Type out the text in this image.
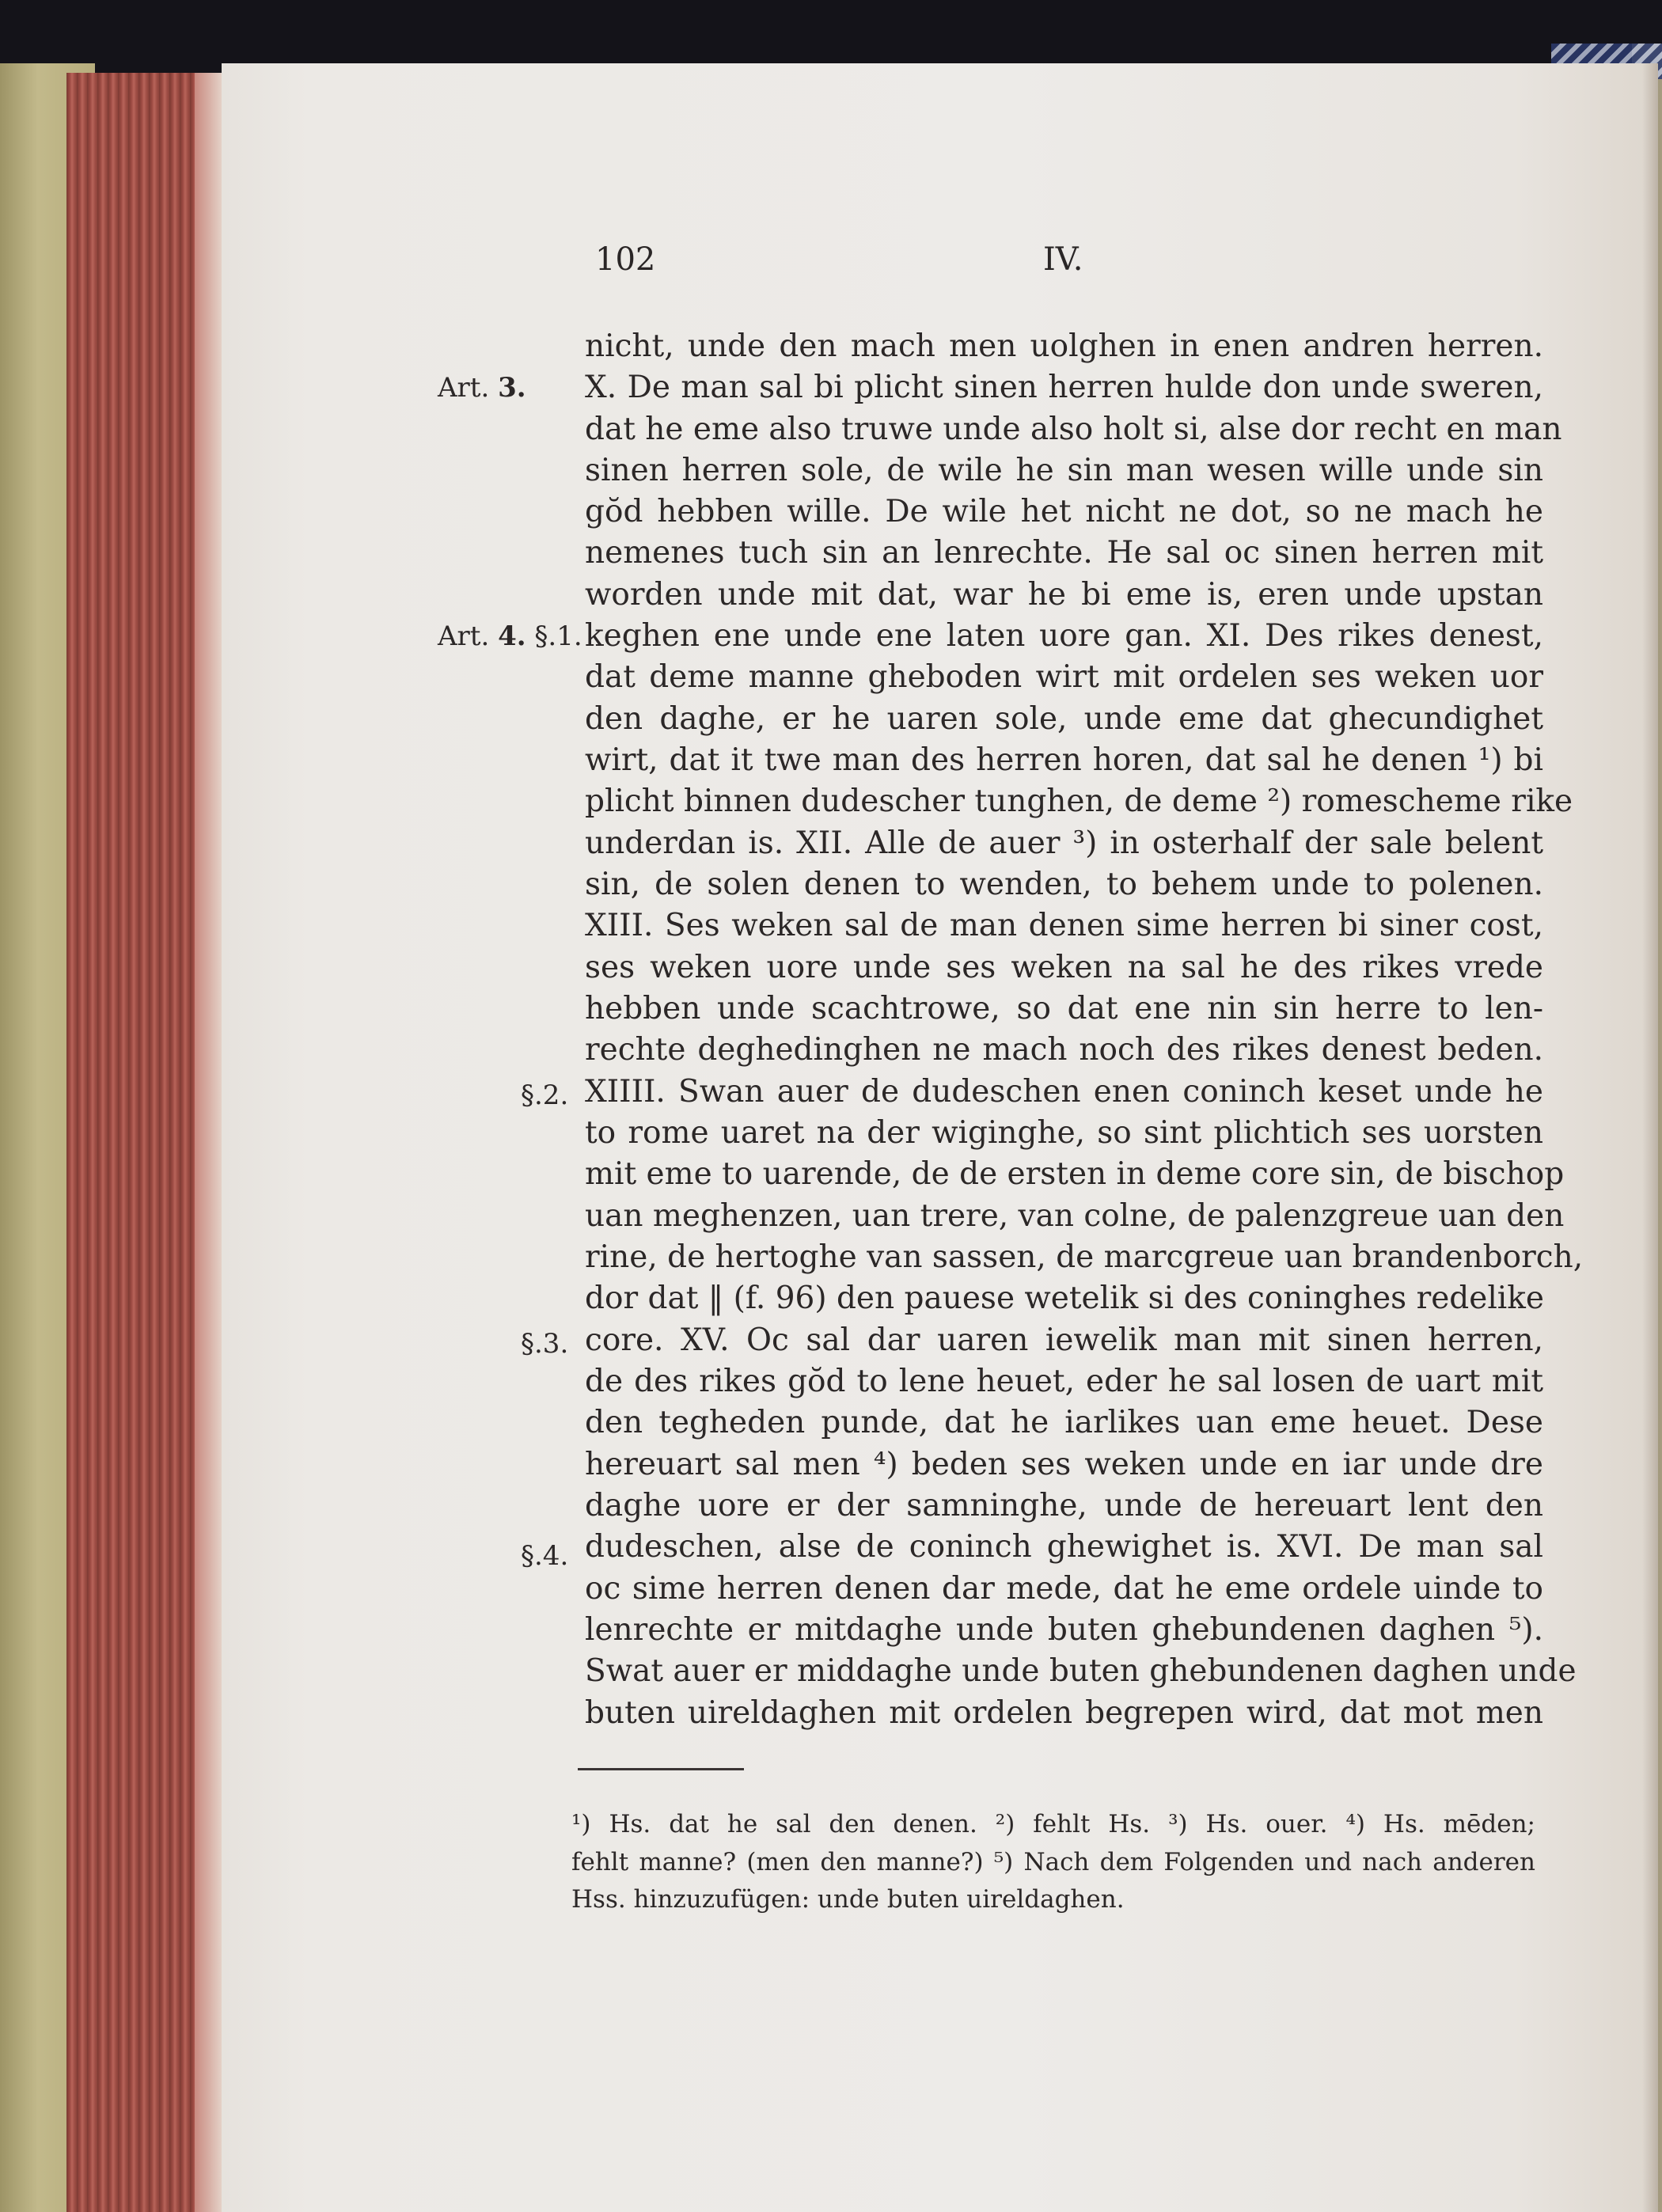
102	IV.
Art. 3.
Art. 4. §.1.
§.2.
§.3.
§.4.
nicht, unde den mach men uolghen in enen andren herren.
X. De man sal bi plicht sinen herren hulde don unde sweren,
dat he eme also truwe unde also holt si, alse dor recht en man
sinen herren sole, de wile he sin man wesen wille unde sin
gŏd hebben wille. De wile het nicht ne dot, so ne mach he
nemenes tuch sin an lenrechte. He sal oc sinen herren mit
worden unde mit dat, war he bi eme is, eren unde upstan
keghen ene unde ene laten uore gan. XI. Des rikes denest,
dat deme manne gheboden wirt mit ordelen ses weken uor
den daghe, er he uaren sole, unde eme dat ghecundighet
wirt, dat it twe man des herren horen, dat sal he denen ¹) bi
plicht binnen dudescher tunghen, de deme ²) romescheme rike
underdan is. XII. Alle de auer ³) in osterhalf der sale belent
sin, de solen denen to wenden, to behem unde to polenen.
XIII. Ses weken sal de man denen sime herren bi siner cost,
ses weken uore unde ses weken na sal he des rikes vrede
hebben unde scachtrowe, so dat ene nin sin herre to len-
rechte deghedinghen ne mach noch des rikes denest beden.
XIIII. Swan auer de dudeschen enen coninch keset unde he
to rome uaret na der wiginghe, so sint plichtich ses uorsten
mit eme to uarende, de de ersten in deme core sin, de bischop
uan meghenzen, uan trere, van colne, de palenzgreue uan den
rine, de hertoghe van sassen, de marcgreue uan brandenborch,
dor dat ‖ (f. 96) den pauese wetelik si des coninghes redelike
core. XV. Oc sal dar uaren iewelik man mit sinen herren,
de des rikes gŏd to lene heuet, eder he sal losen de uart mit
den tegheden punde, dat he iarlikes uan eme heuet. Dese
hereuart sal men ⁴) beden ses weken unde en iar unde dre
daghe uore er der samninghe, unde de hereuart lent den
dudeschen, alse de coninch ghewighet is. XVI. De man sal
oc sime herren denen dar mede, dat he eme ordele uinde to
lenrechte er mitdaghe unde buten ghebundenen daghen ⁵).
Swat auer er middaghe unde buten ghebundenen daghen unde
buten uireldaghen mit ordelen begrepen wird, dat mot men
¹) Hs. dat he sal den denen. ²) fehlt Hs. ³) Hs. ouer. ⁴) Hs. mēden;
fehlt manne? (men den manne?) ⁵) Nach dem Folgenden und nach anderen
Hss. hinzuzufügen: unde buten uireldaghen.
